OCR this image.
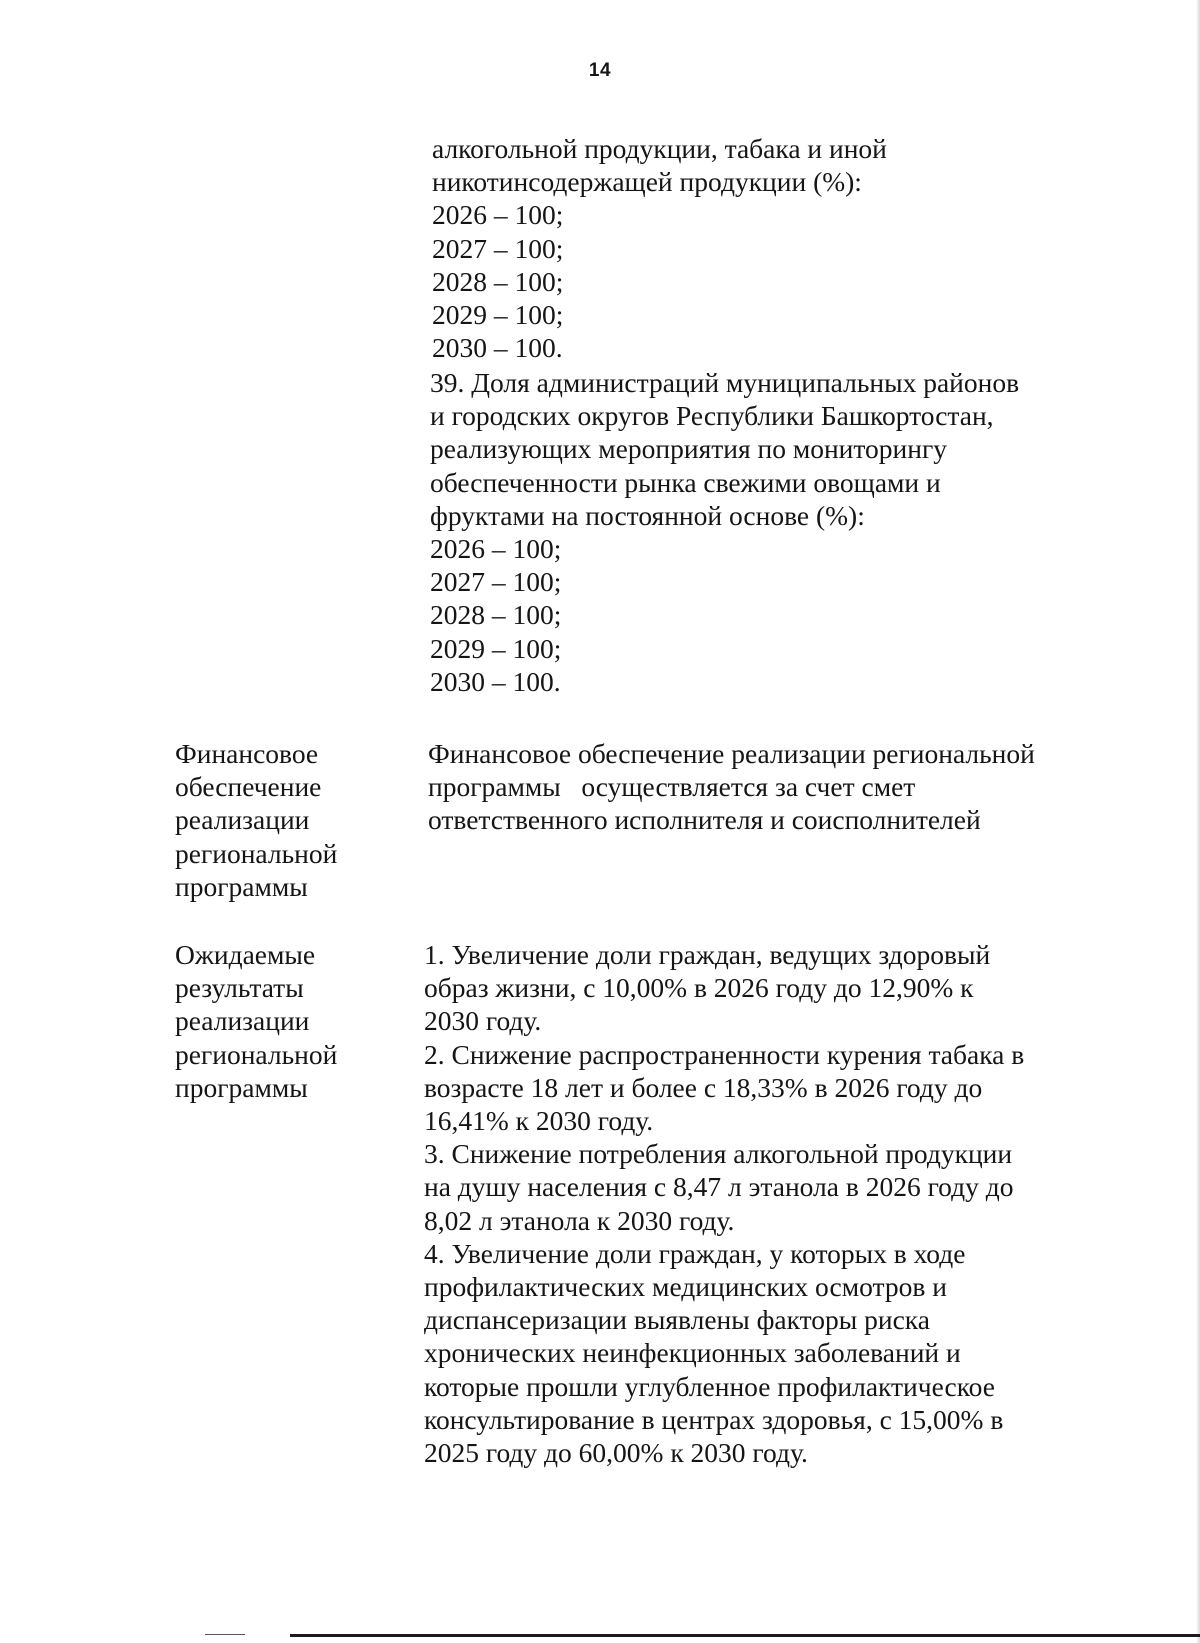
14
алкогольной продукции, табака и иной
никотинсодержащей продукции (%):
2026 – 100;
2027 – 100;
2028 – 100;
2029 – 100;
2030 – 100.
39. Доля администраций муниципальных районов
и городских округов Республики Башкортостан,
реализующих мероприятия по мониторингу
обеспеченности рынка свежими овощами и
фруктами на постоянной основе (%):
2026 – 100;
2027 – 100;
2028 – 100;
2029 – 100;
2030 – 100.
Финансовое
обеспечение
реализации
региональной
программы
Финансовое обеспечение реализации региональной
программы   осуществляется за счет смет
ответственного исполнителя и соисполнителей
Ожидаемые
результаты
реализации
региональной
программы
1. Увеличение доли граждан, ведущих здоровый
образ жизни, с 10,00% в 2026 году до 12,90% к
2030 году.
2. Снижение распространенности курения табака в
возрасте 18 лет и более с 18,33% в 2026 году до
16,41% к 2030 году.
3. Снижение потребления алкогольной продукции
на душу населения с 8,47 л этанола в 2026 году до
8,02 л этанола к 2030 году.
4. Увеличение доли граждан, у которых в ходе
профилактических медицинских осмотров и
диспансеризации выявлены факторы риска
хронических неинфекционных заболеваний и
которые прошли углубленное профилактическое
консультирование в центрах здоровья, с 15,00% в
2025 году до 60,00% к 2030 году.
